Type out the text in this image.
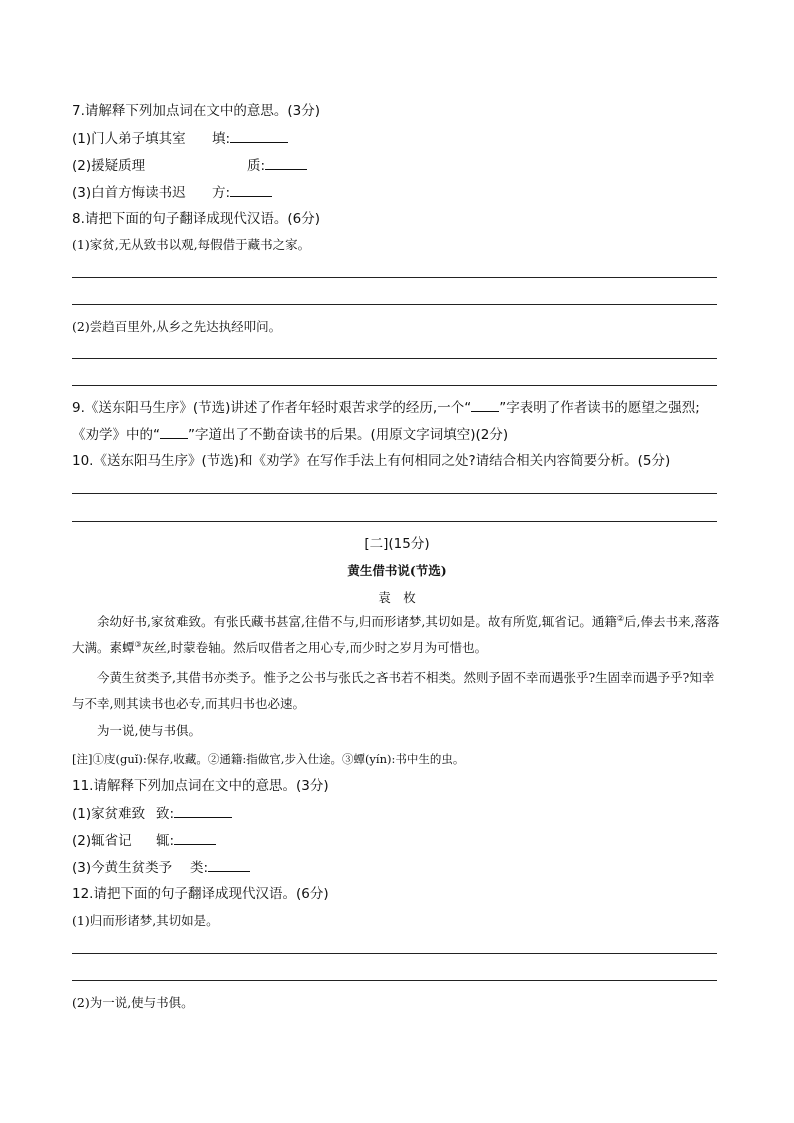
7.请解释下列加点词在文中的意思。(3分)
(1)门人弟子填其室 填:
(2)援疑质理	质:
(3)白首方悔读书迟 方:
8.请把下面的句子翻译成现代汉语。(6分)
(1)家贫,无从致书以观,每假借于藏书之家。
(2)尝趋百里外,从乡之先达执经叩问。
9.《送东阳马生序》(节选)讲述了作者年轻时艰苦求学的经历,一个“ ”字表明了作者读书的愿望之强烈;
《劝学》中的“ ”字道出了不勤奋读书的后果。(用原文字词填空)(2分)
10.《送东阳马生序》(节选)和《劝学》在写作手法上有何相同之处?请结合相关内容简要分析。(5分)
[二](15分)
黄生借书说(节选)
袁　枚
余幼好书,家贫难致。有张氏藏书甚富,往借不与,归而形诸梦,其切如是。故有所览,辄省记。通籍②后,俸去书来,落落大满。素蟫③灰丝,时蒙卷轴。然后叹借者之用心专,而少时之岁月为可惜也。
今黄生贫类予,其借书亦类予。惟予之公书与张氏之吝书若不相类。然则予固不幸而遇张乎?生固幸而遇予乎?知幸与不幸,则其读书也必专,而其归书也必速。
为一说,使与书俱。
[注]①庋(guǐ):保存,收藏。②通籍:指做官,步入仕途。③蟫(yín):书中生的虫。
11.请解释下列加点词在文中的意思。(3分)
(1)家贫难致 致:
(2)辄省记 辄:
(3)今黄生贫类予 类:
12.请把下面的句子翻译成现代汉语。(6分)
(1)归而形诸梦,其切如是。
(2)为一说,使与书俱。
